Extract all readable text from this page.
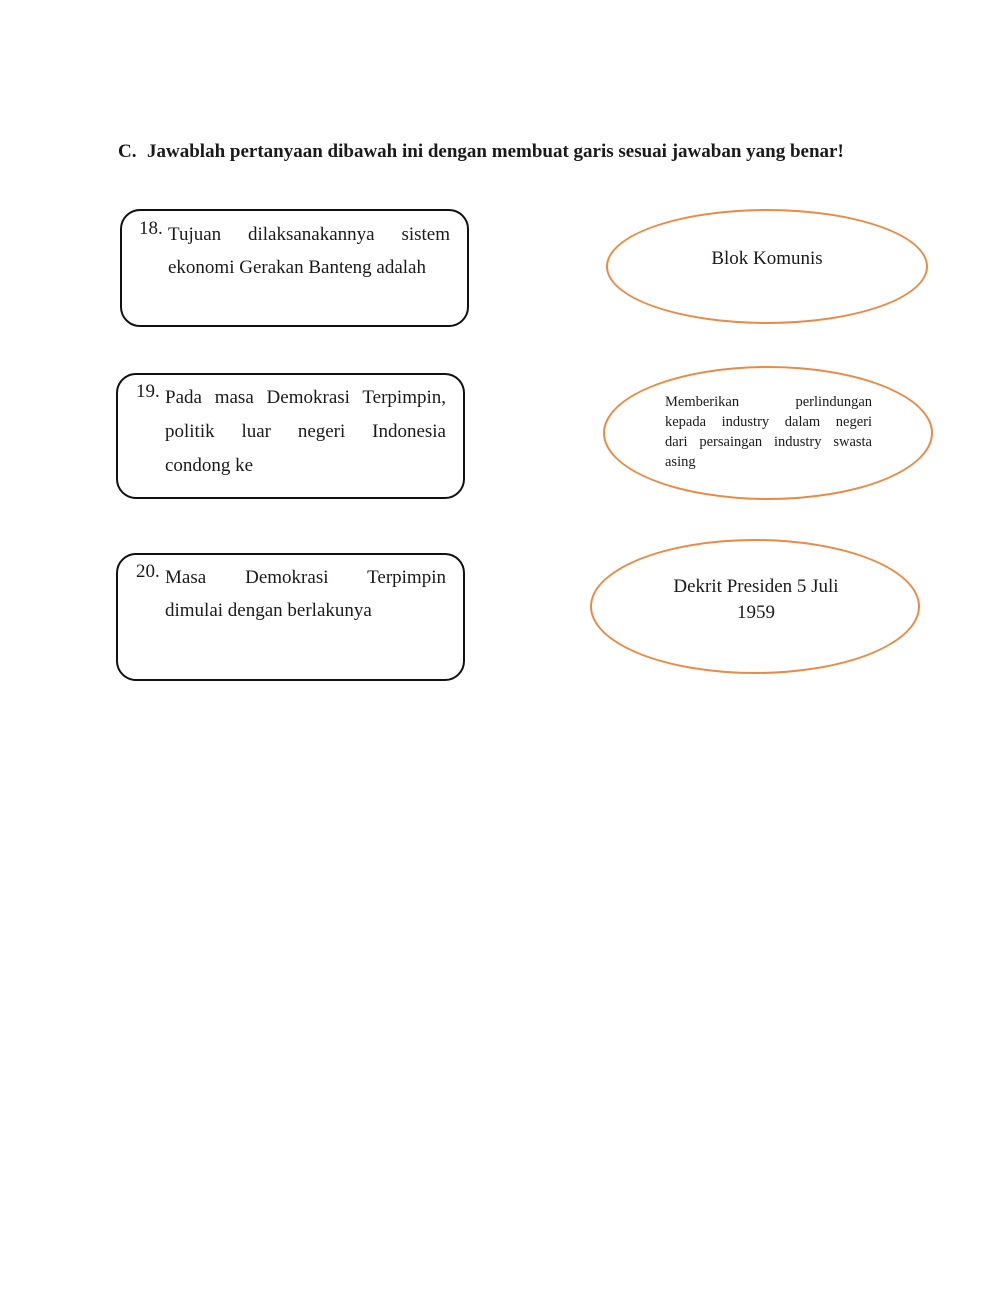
C. Jawablah pertanyaan dibawah ini dengan membuat garis sesuai jawaban yang benar!
18. Tujuan dilaksanakannya sistem
ekonomi Gerakan Banteng adalah
19. Pada masa Demokrasi Terpimpin,
politik luar negeri Indonesia
condong ke
20. Masa Demokrasi Terpimpin
dimulai dengan berlakunya
Blok Komunis
Memberikan perlindungan
kepada industry dalam negeri
dari persaingan industry swasta
asing
Dekrit Presiden 5 Juli
1959
